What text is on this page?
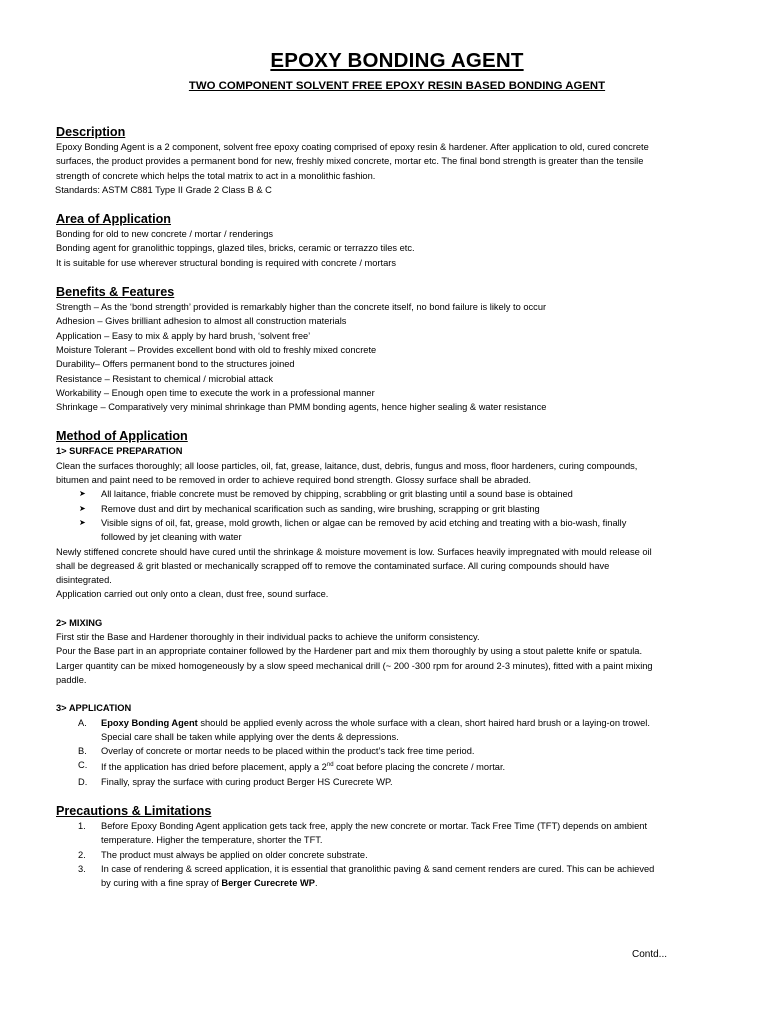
EPOXY BONDING AGENT
TWO COMPONENT SOLVENT FREE EPOXY RESIN BASED BONDING AGENT
Description
Epoxy Bonding Agent is a 2 component, solvent free epoxy coating comprised of epoxy resin & hardener. After application to old, cured concrete
surfaces, the product provides a permanent bond for new, freshly mixed concrete, mortar etc. The final bond strength is greater than the tensile
strength of concrete which helps the total matrix to act in a monolithic fashion.
Standards: ASTM C881 Type II Grade 2 Class B & C
Area of Application
Bonding for old to new concrete / mortar / renderings
Bonding agent for granolithic toppings, glazed tiles, bricks, ceramic or terrazzo tiles etc.
It is suitable for use wherever structural bonding is required with concrete / mortars
Benefits & Features
Strength – As the ‘bond strength’ provided is remarkably higher than the concrete itself, no bond failure is likely to occur
Adhesion – Gives brilliant adhesion to almost all construction materials
Application – Easy to mix & apply by hard brush, ‘solvent free’
Moisture Tolerant – Provides excellent bond with old to freshly mixed concrete
Durability– Offers permanent bond to the structures joined
Resistance – Resistant to chemical / microbial attack
Workability – Enough open time to execute the work in a professional manner
Shrinkage – Comparatively very minimal shrinkage than PMM bonding agents, hence higher sealing & water resistance
Method of Application
1> SURFACE PREPARATION
Clean the surfaces thoroughly; all loose particles, oil, fat, grease, laitance, dust, debris, fungus and moss, floor hardeners, curing compounds,
bitumen and paint need to be removed in order to achieve required bond strength. Glossy surface shall be abraded.
➤ All laitance, friable concrete must be removed by chipping, scrabbling or grit blasting until a sound base is obtained
➤ Remove dust and dirt by mechanical scarification such as sanding, wire brushing, scrapping or grit blasting
➤ Visible signs of oil, fat, grease, mold growth, lichen or algae can be removed by acid etching and treating with a bio-wash, finally
followed by jet cleaning with water
Newly stiffened concrete should have cured until the shrinkage & moisture movement is low. Surfaces heavily impregnated with mould release oil
shall be degreased & grit blasted or mechanically scrapped off to remove the contaminated surface. All curing compounds should have
disintegrated.
Application carried out only onto a clean, dust free, sound surface.
2> MIXING
First stir the Base and Hardener thoroughly in their individual packs to achieve the uniform consistency.
Pour the Base part in an appropriate container followed by the Hardener part and mix them thoroughly by using a stout palette knife or spatula.
Larger quantity can be mixed homogeneously by a slow speed mechanical drill (~ 200 -300 rpm for around 2-3 minutes), fitted with a paint mixing
paddle.
3> APPLICATION
A. Epoxy Bonding Agent should be applied evenly across the whole surface with a clean, short haired hard brush or a laying-on trowel.
Special care shall be taken while applying over the dents & depressions.
B. Overlay of concrete or mortar needs to be placed within the product’s tack free time period.
C. If the application has dried before placement, apply a 2nd coat before placing the concrete / mortar.
D. Finally, spray the surface with curing product Berger HS Curecrete WP.
Precautions & Limitations
1. Before Epoxy Bonding Agent application gets tack free, apply the new concrete or mortar. Tack Free Time (TFT) depends on ambient
temperature. Higher the temperature, shorter the TFT.
2. The product must always be applied on older concrete substrate.
3. In case of rendering & screed application, it is essential that granolithic paving & sand cement renders are cured. This can be achieved
by curing with a fine spray of Berger Curecrete WP.
Contd...
